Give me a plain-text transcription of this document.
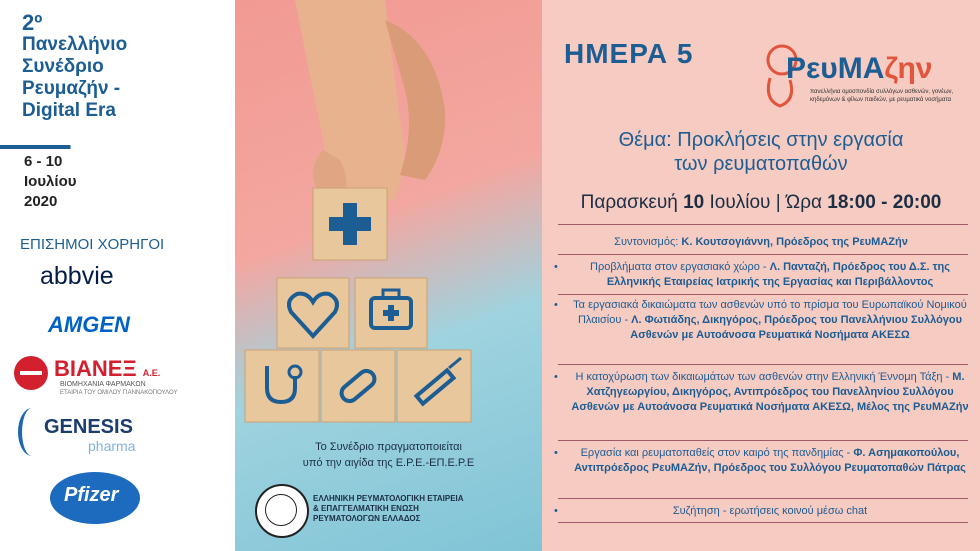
2º
Πανελλήνιο
Συνέδριο
Ρευμαζήν -
Digital Era
6 - 10
Ιουλίου
2020
ΕΠΙΣΗΜΟΙ ΧΟΡΗΓΟΙ
abbvie
AMGEN
ΒΙΑΝΕΞ Α.Ε.
ΒΙΟΜΗΧΑΝΙΑ ΦΑΡΜΑΚΩΝ
ΕΤΑΙΡΙΑ ΤΟΥ ΟΜΙΛΟΥ ΓΙΑΝΝΑΚΟΠΟΥΛΟΥ
GENESIS
pharma
Pfizer
Το Συνέδριο πραγματοποιείται
υπό την αιγίδα της Ε.Ρ.Ε.-ΕΠ.Ε.Ρ.Ε
ΕΛΛΗΝΙΚΗ ΡΕΥΜΑΤΟΛΟΓΙΚΗ ΕΤΑΙΡΕΙΑ
& ΕΠΑΓΓΕΛΜΑΤΙΚΗ ΕΝΩΣΗ
ΡΕΥΜΑΤΟΛΟΓΩΝ ΕΛΛΑΔΟΣ
ΗΜΕΡΑ 5	ΡευΜΑζην
πανελλήνια ομοσπονδία συλλόγων ασθενών, γονέων, κηδεμόνων & φίλων παιδιών, με ρευματικά νοσήματα
Θέμα: Προκλήσεις στην εργασία
των ρευματοπαθών
Παρασκευή 10 Ιουλίου | Ώρα 18:00 - 20:00
Συντονισμός: Κ. Κουτσογιάννη, Πρόεδρος της ΡευΜΑΖήν
•	Προβλήματα στον εργασιακό χώρο - Λ. Πανταζή, Πρόεδρος του Δ.Σ. της Ελληνικής Εταιρείας Ιατρικής της Εργασίας και Περιβάλλοντος
•	Τα εργασιακά δικαιώματα των ασθενών υπό το πρίσμα του Ευρωπαϊκού Νομικού Πλαισίου - Λ. Φωτιάδης, Δικηγόρος, Πρόεδρος του Πανελλήνιου Συλλόγου Ασθενών με Αυτοάνοσα Ρευματικά Νοσήματα ΑΚΕΣΩ
•	Η κατοχύρωση των δικαιωμάτων των ασθενών στην Ελληνική Έννομη Τάξη - Μ. Χατζηγεωργίου, Δικηγόρος, Αντιπρόεδρος του Πανελληνίου Συλλόγου Ασθενών με Αυτοάνοσα Ρευματικά Νοσήματα ΑΚΕΣΩ, Μέλος της ΡευΜΑΖήν
•	Εργασία και ρευματοπαθείς στον καιρό της πανδημίας - Φ. Ασημακοπούλου, Αντιπρόεδρος ΡευΜΑΖήν, Πρόεδρος του Συλλόγου Ρευματοπαθών Πάτρας
•	Συζήτηση - ερωτήσεις κοινού μέσω chat
